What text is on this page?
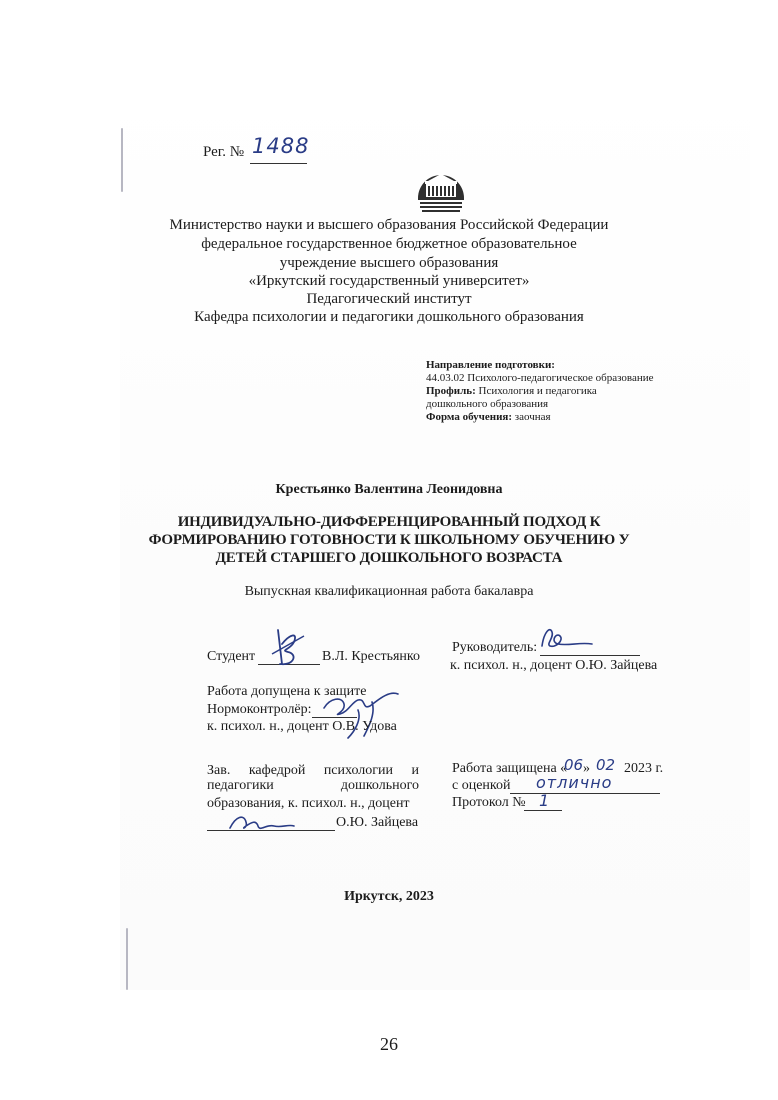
Рег. № 1488
Министерство науки и высшего образования Российской Федерации
федеральное государственное бюджетное образовательное
учреждение высшего образования
«Иркутский государственный университет»
Педагогический институт
Кафедра психологии и педагогики дошкольного образования
Направление подготовки:
44.03.02 Психолого-педагогическое образование
Профиль: Психология и педагогика
дошкольного образования
Форма обучения: заочная
Крестьянко Валентина Леонидовна
ИНДИВИДУАЛЬНО-ДИФФЕРЕНЦИРОВАННЫЙ ПОДХОД К
ФОРМИРОВАНИЮ ГОТОВНОСТИ К ШКОЛЬНОМУ ОБУЧЕНИЮ У
ДЕТЕЙ СТАРШЕГО ДОШКОЛЬНОГО ВОЗРАСТА
Выпускная квалификационная работа бакалавра
Студент	В.Л. Крестьянко
Руководитель:
к. психол. н., доцент О.Ю. Зайцева
Работа допущена к защите
Нормоконтролёр:
к. психол. н., доцент О.В. Удова
Зав. кафедрой психологии и
педагогики	дошкольного
образования, к. психол. н., доцент
О.Ю. Зайцева
Работа защищена «
06 » 02 2023 г.
с оценкой отлично
Протокол № 1
Иркутск, 2023
26
